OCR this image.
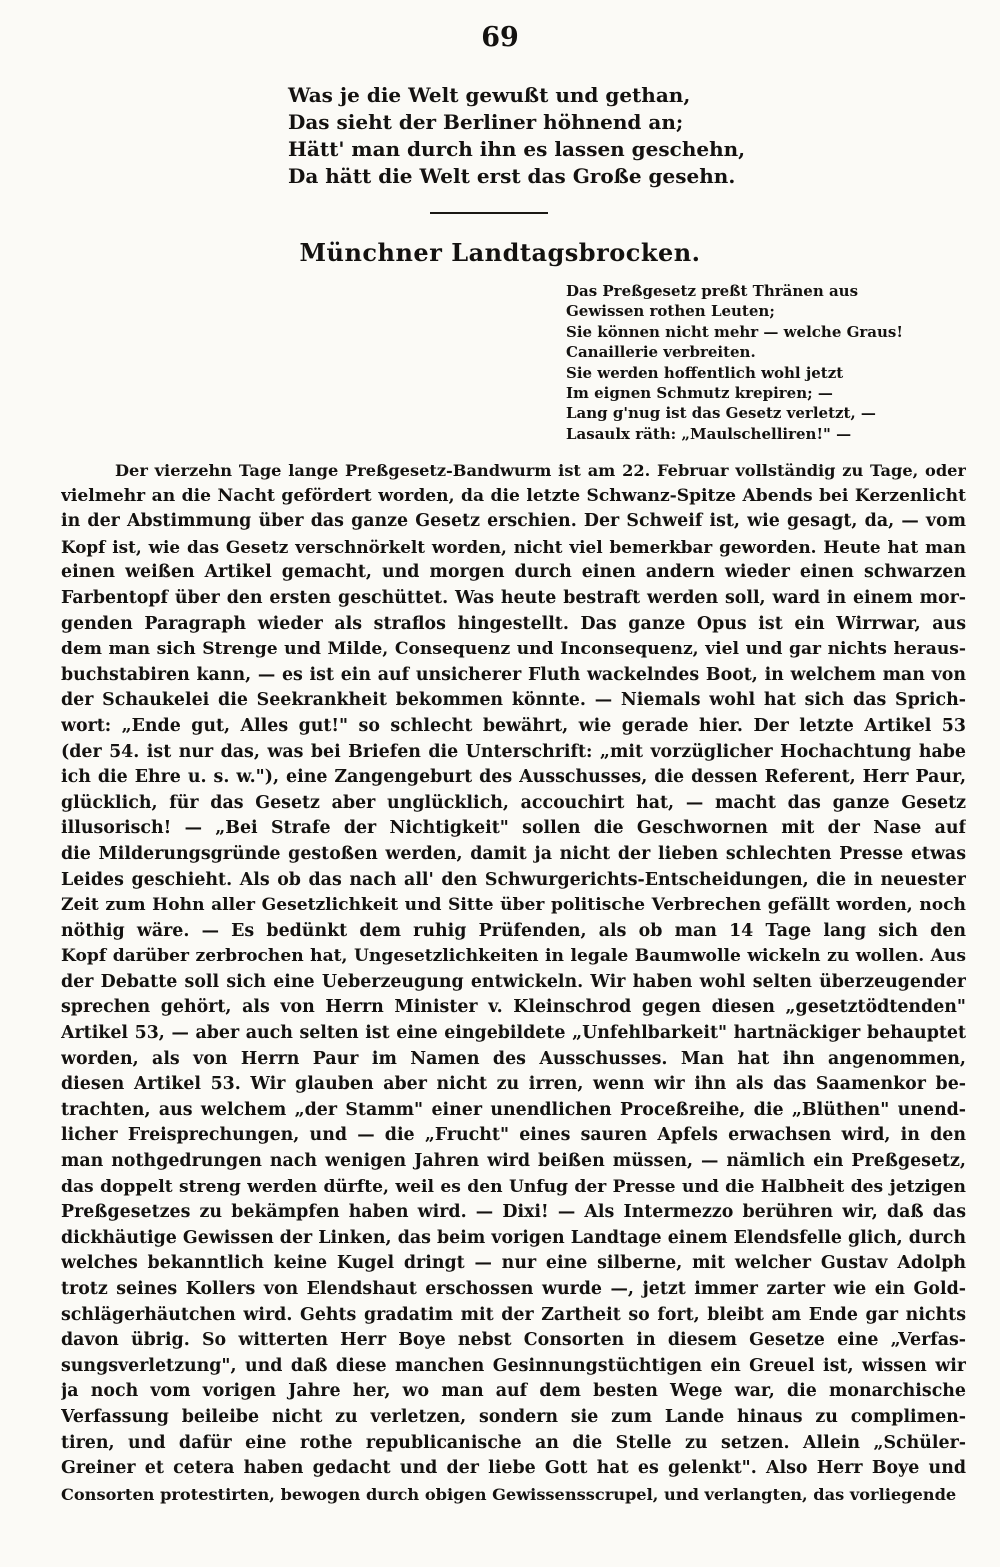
69
Was je die Welt gewußt und gethan,
Das sieht der Berliner höhnend an;
Hätt' man durch ihn es lassen geschehn,
Da hätt die Welt erst das Große gesehn.
Münchner Landtagsbrocken.
Das Preßgesetz preßt Thränen aus
Gewissen rothen Leuten;
Sie können nicht mehr — welche Graus!
Canaillerie verbreiten.
Sie werden hoffentlich wohl jetzt
Im eignen Schmutz krepiren; —
Lang g'nug ist das Gesetz verletzt, —
Lasaulx räth: „Maulschelliren!" —
Der vierzehn Tage lange Preßgesetz-Bandwurm ist am 22. Februar vollständig zu Tage, oder
vielmehr an die Nacht gefördert worden, da die letzte Schwanz-Spitze Abends bei Kerzenlicht
in der Abstimmung über das ganze Gesetz erschien. Der Schweif ist, wie gesagt, da, — vom
Kopf ist, wie das Gesetz verschnörkelt worden, nicht viel bemerkbar geworden. Heute hat man
einen weißen Artikel gemacht, und morgen durch einen andern wieder einen schwarzen
Farbentopf über den ersten geschüttet. Was heute bestraft werden soll, ward in einem mor-
genden Paragraph wieder als straflos hingestellt. Das ganze Opus ist ein Wirrwar, aus
dem man sich Strenge und Milde, Consequenz und Inconsequenz, viel und gar nichts heraus-
buchstabiren kann, — es ist ein auf unsicherer Fluth wackelndes Boot, in welchem man von
der Schaukelei die Seekrankheit bekommen könnte. — Niemals wohl hat sich das Sprich-
wort: „Ende gut, Alles gut!" so schlecht bewährt, wie gerade hier. Der letzte Artikel 53
(der 54. ist nur das, was bei Briefen die Unterschrift: „mit vorzüglicher Hochachtung habe
ich die Ehre u. s. w."), eine Zangengeburt des Ausschusses, die dessen Referent, Herr Paur,
glücklich, für das Gesetz aber unglücklich, accouchirt hat, — macht das ganze Gesetz
illusorisch! — „Bei Strafe der Nichtigkeit" sollen die Geschwornen mit der Nase auf
die Milderungsgründe gestoßen werden, damit ja nicht der lieben schlechten Presse etwas
Leides geschieht. Als ob das nach all' den Schwurgerichts-Entscheidungen, die in neuester
Zeit zum Hohn aller Gesetzlichkeit und Sitte über politische Verbrechen gefällt worden, noch
nöthig wäre. — Es bedünkt dem ruhig Prüfenden, als ob man 14 Tage lang sich den
Kopf darüber zerbrochen hat, Ungesetzlichkeiten in legale Baumwolle wickeln zu wollen. Aus
der Debatte soll sich eine Ueberzeugung entwickeln. Wir haben wohl selten überzeugender
sprechen gehört, als von Herrn Minister v. Kleinschrod gegen diesen „gesetztödtenden"
Artikel 53, — aber auch selten ist eine eingebildete „Unfehlbarkeit" hartnäckiger behauptet
worden, als von Herrn Paur im Namen des Ausschusses. Man hat ihn angenommen,
diesen Artikel 53. Wir glauben aber nicht zu irren, wenn wir ihn als das Saamenkor be-
trachten, aus welchem „der Stamm" einer unendlichen Proceßreihe, die „Blüthen" unend-
licher Freisprechungen, und — die „Frucht" eines sauren Apfels erwachsen wird, in den
man nothgedrungen nach wenigen Jahren wird beißen müssen, — nämlich ein Preßgesetz,
das doppelt streng werden dürfte, weil es den Unfug der Presse und die Halbheit des jetzigen
Preßgesetzes zu bekämpfen haben wird. — Dixi! — Als Intermezzo berühren wir, daß das
dickhäutige Gewissen der Linken, das beim vorigen Landtage einem Elendsfelle glich, durch
welches bekanntlich keine Kugel dringt — nur eine silberne, mit welcher Gustav Adolph
trotz seines Kollers von Elendshaut erschossen wurde —, jetzt immer zarter wie ein Gold-
schlägerhäutchen wird. Gehts gradatim mit der Zartheit so fort, bleibt am Ende gar nichts
davon übrig. So witterten Herr Boye nebst Consorten in diesem Gesetze eine „Verfas-
sungsverletzung", und daß diese manchen Gesinnungstüchtigen ein Greuel ist, wissen wir
ja noch vom vorigen Jahre her, wo man auf dem besten Wege war, die monarchische
Verfassung beileibe nicht zu verletzen, sondern sie zum Lande hinaus zu complimen-
tiren, und dafür eine rothe republicanische an die Stelle zu setzen. Allein „Schüler-
Greiner et cetera haben gedacht und der liebe Gott hat es gelenkt". Also Herr Boye und
Consorten protestirten, bewogen durch obigen Gewissensscrupel, und verlangten, das vorliegende
